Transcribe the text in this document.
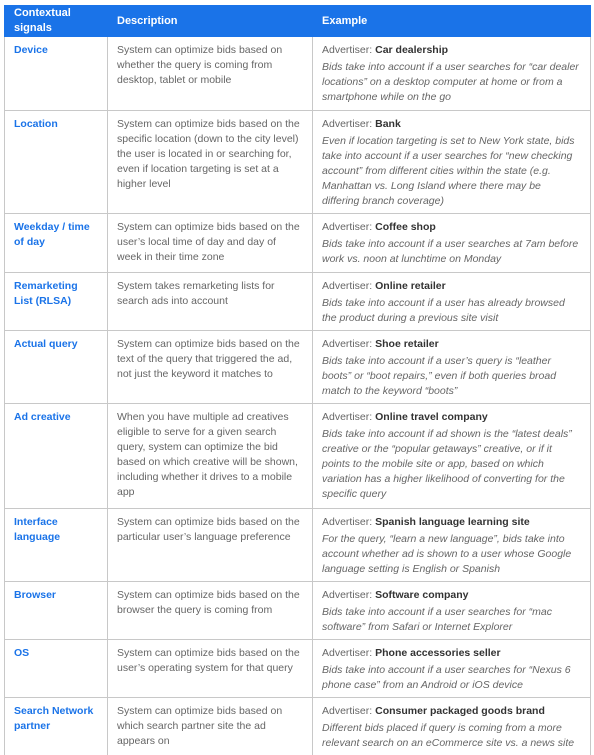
Contextual signals	Description	Example
Device	System can optimize bids based on whether the query is coming from desktop, tablet or mobile	Advertiser: Car dealership
Bids take into account if a user searches for “car dealer locations” on a desktop computer at home or from a smartphone while on the go

Location	System can optimize bids based on the specific location (down to the city level) the user is located in or searching for, even if location targeting is set at a higher level	Advertiser: Bank
Even if location targeting is set to New York state, bids take into account if a user searches for “new checking account” from different cities within the state (e.g. Manhattan vs. Long Island where there may be differing branch coverage)

Weekday / time of day	System can optimize bids based on the user’s local time of day and day of week in their time zone	Advertiser: Coffee shop
Bids take into account if a user searches at 7am before work vs. noon at lunchtime on Monday

Remarketing List (RLSA)	System takes remarketing lists for search ads into account	Advertiser: Online retailer
Bids take into account if a user has already browsed the product during a previous site visit

Actual query	System can optimize bids based on the text of the query that triggered the ad, not just the keyword it matches to	Advertiser: Shoe retailer
Bids take into account if a user’s query is “leather boots” or “boot repairs,” even if both queries broad match to the keyword “boots”

Ad creative	When you have multiple ad creatives eligible to serve for a given search query, system can optimize the bid based on which creative will be shown, including whether it drives to a mobile app	Advertiser: Online travel company
Bids take into account if ad shown is the “latest deals” creative or the “popular getaways” creative, or if it points to the mobile site or app, based on which variation has a higher likelihood of converting for the specific query

Interface language	System can optimize bids based on the particular user’s language preference	Advertiser: Spanish language learning site
For the query, “learn a new language”, bids take into account whether ad is shown to a user whose Google language setting is English or Spanish

Browser	System can optimize bids based on the browser the query is coming from	Advertiser: Software company
Bids take into account if a user searches for “mac software” from Safari or Internet Explorer

OS	System can optimize bids based on the user’s operating system for that query	Advertiser: Phone accessories seller
Bids take into account if a user searches for “Nexus 6 phone case” from an Android or iOS device

Search Network partner	System can optimize bids based on which search partner site the ad appears on	Advertiser: Consumer packaged goods brand
Different bids placed if query is coming from a more relevant search on an eCommerce site vs. a news site
